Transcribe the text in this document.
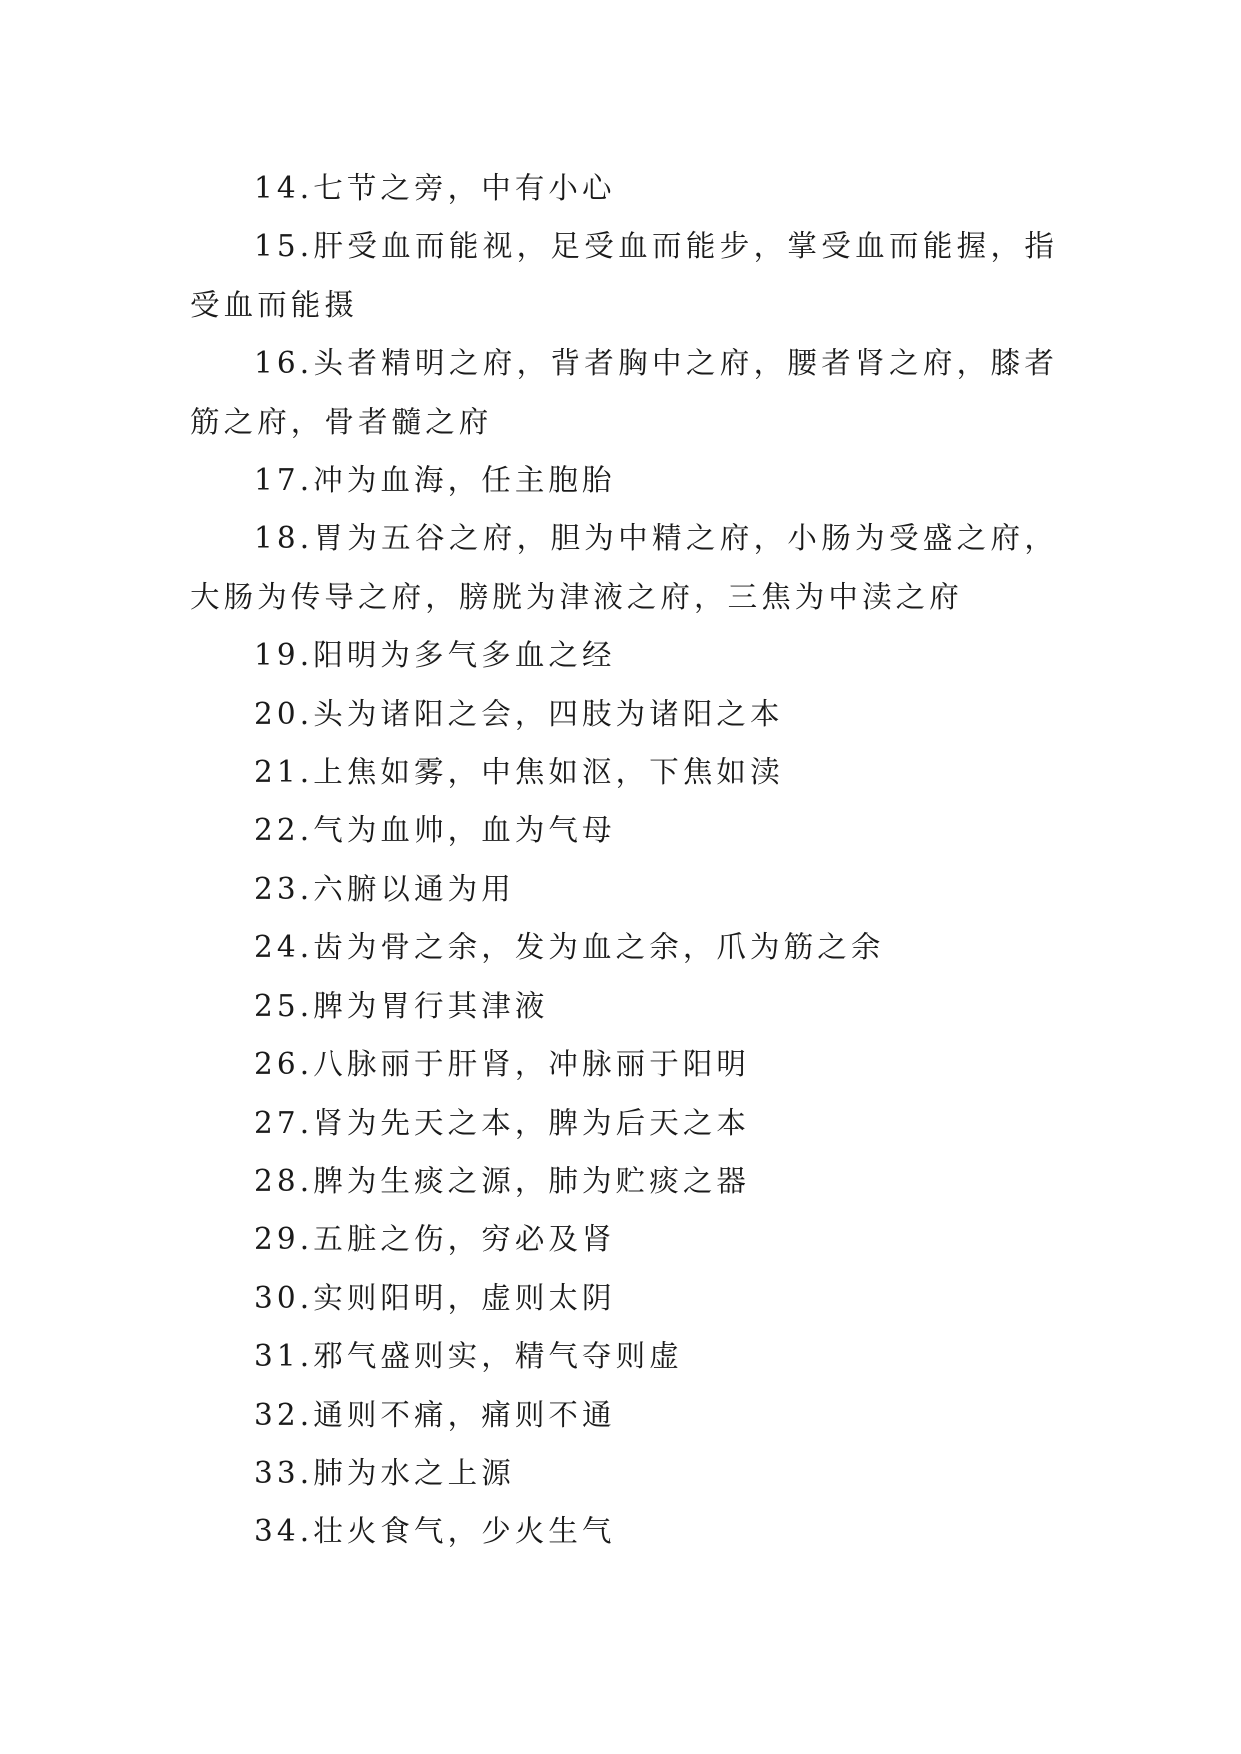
14.七节之旁，中有小心

15.肝受血而能视，足受血而能步，掌受血而能握，指受血而能摄

16.头者精明之府，背者胸中之府，腰者肾之府，膝者筋之府，骨者髓之府

17.冲为血海，任主胞胎

18.胃为五谷之府，胆为中精之府，小肠为受盛之府，大肠为传导之府，膀胱为津液之府，三焦为中渎之府

19.阳明为多气多血之经

20.头为诸阳之会，四肢为诸阳之本

21.上焦如雾，中焦如沤，下焦如渎

22.气为血帅，血为气母

23.六腑以通为用

24.齿为骨之余，发为血之余，爪为筋之余

25.脾为胃行其津液

26.八脉丽于肝肾，冲脉丽于阳明

27.肾为先天之本，脾为后天之本

28.脾为生痰之源，肺为贮痰之器

29.五脏之伤，穷必及肾

30.实则阳明，虚则太阴

31.邪气盛则实，精气夺则虚

32.通则不痛，痛则不通

33.肺为水之上源

34.壮火食气，少火生气
